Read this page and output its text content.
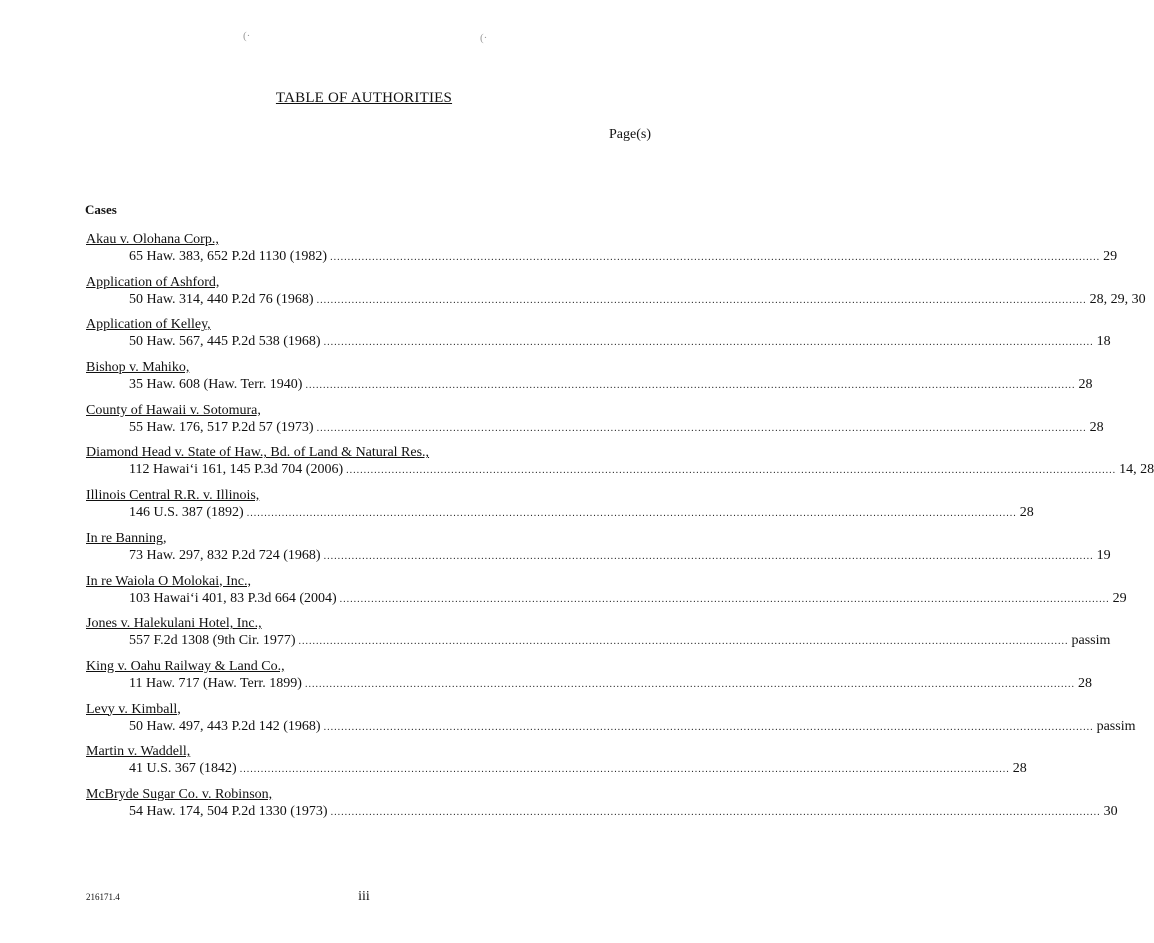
(·	(·
TABLE OF AUTHORITIES
Page(s)
Cases
Akau v. Olohana Corp.,
65 Haw. 383, 652 P.2d 1130 (1982) ............................................................................................................................................................................................................................ 29
Application of Ashford,
50 Haw. 314, 440 P.2d 76 (1968) ............................................................................................................................................................................................................................ 28, 29, 30
Application of Kelley,
50 Haw. 567, 445 P.2d 538 (1968) ............................................................................................................................................................................................................................ 18
Bishop v. Mahiko,
35 Haw. 608 (Haw. Terr. 1940) ............................................................................................................................................................................................................................ 28
County of Hawaii v. Sotomura,
55 Haw. 176, 517 P.2d 57 (1973) ............................................................................................................................................................................................................................ 28
Diamond Head v. State of Haw., Bd. of Land & Natural Res.,
112 Hawai‘i 161, 145 P.3d 704 (2006) ............................................................................................................................................................................................................................ 14, 28
Illinois Central R.R. v. Illinois,
146 U.S. 387 (1892) ............................................................................................................................................................................................................................ 28
In re Banning,
73 Haw. 297, 832 P.2d 724 (1968) ............................................................................................................................................................................................................................ 19
In re Waiola O Molokai, Inc.,
103 Hawai‘i 401, 83 P.3d 664 (2004) ............................................................................................................................................................................................................................ 29
Jones v. Halekulani Hotel, Inc.,
557 F.2d 1308 (9th Cir. 1977) ............................................................................................................................................................................................................................ passim
King v. Oahu Railway & Land Co.,
11 Haw. 717 (Haw. Terr. 1899) ............................................................................................................................................................................................................................ 28
Levy v. Kimball,
50 Haw. 497, 443 P.2d 142 (1968) ............................................................................................................................................................................................................................ passim
Martin v. Waddell,
41 U.S. 367 (1842) ............................................................................................................................................................................................................................ 28
McBryde Sugar Co. v. Robinson,
54 Haw. 174, 504 P.2d 1330 (1973) ............................................................................................................................................................................................................................ 30
216171.4	iii
